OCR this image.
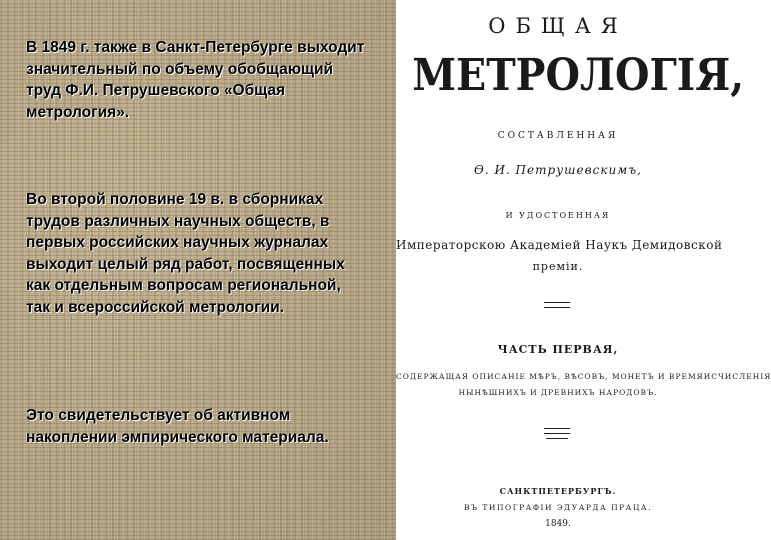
В 1849 г. также в Санкт-Петербурге выходит значительный по объему обобщающий труд Ф.И. Петрушевского «Общая метрология».

Во второй половине 19 в. в сборниках трудов различных научных обществ, в первых российских научных журналах выходит целый ряд работ, посвященных как отдельным вопросам региональной, так и всероссийской метрологии.

Это свидетельствует об активном накоплении эмпирического материала.

ОБЩАЯ

МЕТРОЛОГІЯ,

СОСТАВЛЕННАЯ

Ө. И. Петрушевскимъ,

И УДОСТОЕННАЯ

Императорскою Академіей Наукъ Демидовской

преміи.

ЧАСТЬ ПЕРВАЯ,

СОДЕРЖАЩАЯ ОПИСАНІЕ МѢРЪ, ВѢСОВЪ, МОНЕТЪ И ВРЕМЯИСЧИСЛЕНІЯ

НЫНѢШНИХЪ И ДРЕВНИХЪ НАРОДОВЪ.

САНКТПЕТЕРБУРГЪ.

ВЪ ТИПОГРАФІИ ЭДУАРДА ПРАЦА.

1849.
